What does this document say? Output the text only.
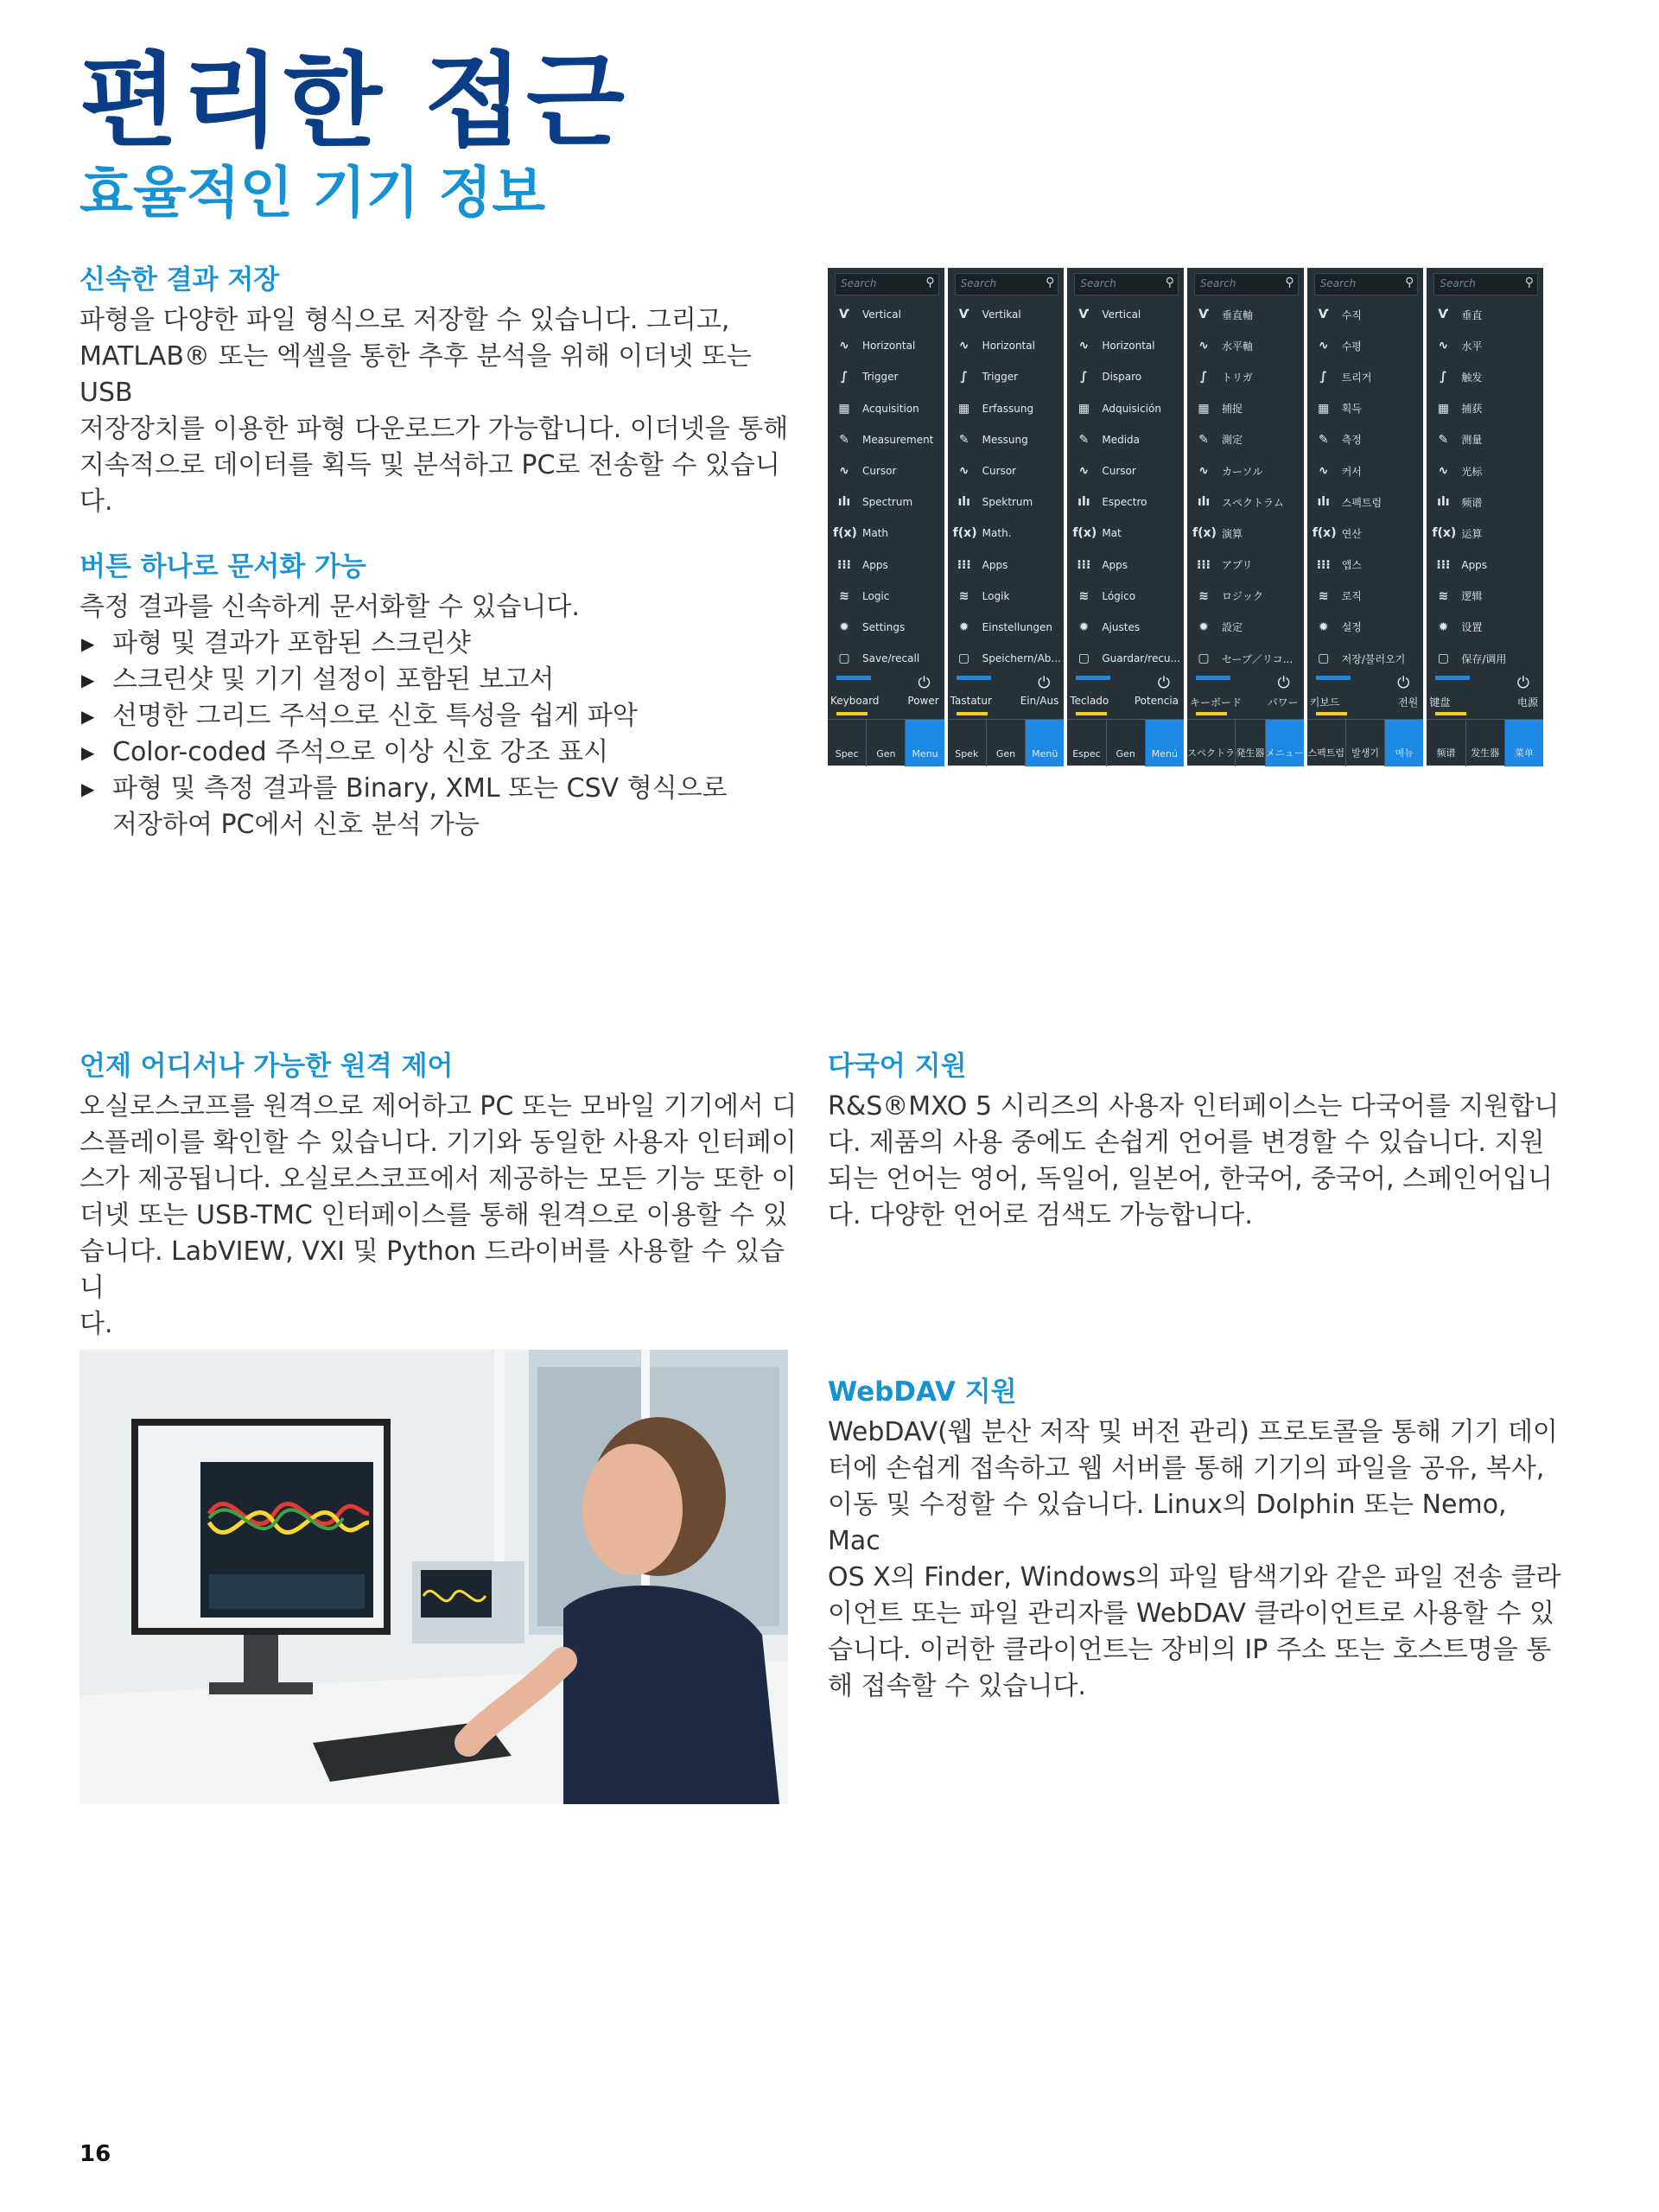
편리한 접근
효율적인 기기 정보
신속한 결과 저장

파형을 다양한 파일 형식으로 저장할 수 있습니다. 그리고,

MATLAB® 또는 엑셀을 통한 추후 분석을 위해 이더넷 또는 USB

저장장치를 이용한 파형 다운로드가 가능합니다. 이더넷을 통해

지속적으로 데이터를 획득 및 분석하고 PC로 전송할 수 있습니

다.

버튼 하나로 문서화 가능

측정 결과를 신속하게 문서화할 수 있습니다.

▶ 파형 및 결과가 포함된 스크린샷
▶ 스크린샷 및 기기 설정이 포함된 보고서
▶ 선명한 그리드 주석으로 신호 특성을 쉽게 파악
▶ Color-coded 주석으로 이상 신호 강조 표시
▶ 파형 및 측정 결과를 Binary, XML 또는 CSV 형식으로

저장하여 PC에서 신호 분석 가능

Search	⚲
Ѵ	Vertical
∿	Horizontal
∫	Trigger
▦	Acquisition
✎	Measurement
∿	Cursor
ılı	Spectrum
f(x) Math
⁝⁝⁝	Apps
≋	Logic
✹	Settings
▢	Save/recall
⏻
Keyboard	Power
Spec	Gen	Menu
Search	⚲
Ѵ	Vertikal
∿	Horizontal
∫	Trigger
▦	Erfassung
✎	Messung
∿	Cursor
ılı	Spektrum
f(x) Math.
⁝⁝⁝	Apps
≋	Logik
✹	Einstellungen
▢	Speichern/Ab...
⏻
Tastatur	Ein/Aus
Spek	Gen	Menü
Search	⚲
Ѵ	Vertical
∿	Horizontal
∫	Disparo
▦	Adquisición
✎	Medida
∿	Cursor
ılı	Espectro
f(x) Mat
⁝⁝⁝	Apps
≋	Lógico
✹	Ajustes
▢	Guardar/recu...
⏻
Teclado Potencia
Espec	Gen	Menú
Search	⚲
Ѵ	垂直軸
∿	水平軸
∫	トリガ
▦	捕捉
✎	測定
∿	カーソル
ılı	スペクトラム
f(x) 演算
⁝⁝⁝	アプリ
≋	ロジック
✹	設定
▢	セーブ／リコ...
⏻
キーボード パワー
スペクトラ 発生器 メニュー
Search	⚲
Ѵ	수직
∿	수평
∫	트리거
▦	획득
✎	측정
∿	커서
ılı	스펙트럼
f(x) 연산
⁝⁝⁝	앱스
≋	로직
✹	설정
▢	저장/불러오기
⏻
키보드	전원
스펙트럼 발생기	메뉴
Search	⚲
Ѵ	垂直
∿	水平
∫	触发
▦	捕获
✎	测量
∿	光标
ılı	频谱
f(x) 运算
⁝⁝⁝	Apps
≋	逻辑
✹	设置
▢	保存/调用
⏻
键盘	电源
频谱	发生器	菜单
언제 어디서나 가능한 원격 제어

오실로스코프를 원격으로 제어하고 PC 또는 모바일 기기에서 디

스플레이를 확인할 수 있습니다. 기기와 동일한 사용자 인터페이

스가 제공됩니다. 오실로스코프에서 제공하는 모든 기능 또한 이

더넷 또는 USB-TMC 인터페이스를 통해 원격으로 이용할 수 있

습니다. LabVIEW, VXI 및 Python 드라이버를 사용할 수 있습니

다.

다국어 지원

R&S®MXO 5 시리즈의 사용자 인터페이스는 다국어를 지원합니

다. 제품의 사용 중에도 손쉽게 언어를 변경할 수 있습니다. 지원

되는 언어는 영어, 독일어, 일본어, 한국어, 중국어, 스페인어입니

다. 다양한 언어로 검색도 가능합니다.

WebDAV 지원

WebDAV(웹 분산 저작 및 버전 관리) 프로토콜을 통해 기기 데이

터에 손쉽게 접속하고 웹 서버를 통해 기기의 파일을 공유, 복사,

이동 및 수정할 수 있습니다. Linux의 Dolphin 또는 Nemo, Mac

OS X의 Finder, Windows의 파일 탐색기와 같은 파일 전송 클라

이언트 또는 파일 관리자를 WebDAV 클라이언트로 사용할 수 있

습니다. 이러한 클라이언트는 장비의 IP 주소 또는 호스트명을 통

해 접속할 수 있습니다.

16
